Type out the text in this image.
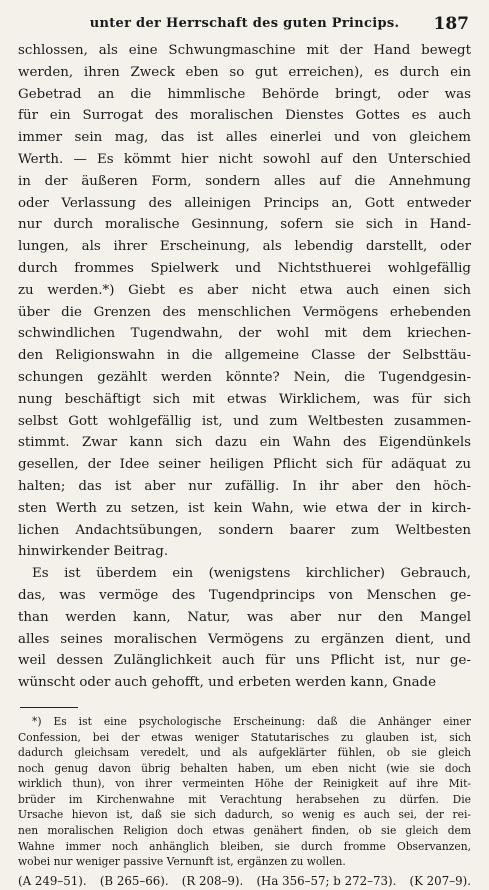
unter der Herrschaft des guten Princips.	187
schlossen, als eine Schwungmaschine mit der Hand bewegt
werden, ihren Zweck eben so gut erreichen), es durch ein
Gebetrad an die himmlische Behörde bringt, oder was
für ein Surrogat des moralischen Dienstes Gottes es auch
immer sein mag, das ist alles einerlei und von gleichem
Werth. — Es kömmt hier nicht sowohl auf den Unterschied
in der äußeren Form, sondern alles auf die Annehmung
oder Verlassung des alleinigen Princips an, Gott entweder
nur durch moralische Gesinnung, sofern sie sich in Hand-
lungen, als ihrer Erscheinung, als lebendig darstellt, oder
durch frommes Spielwerk und Nichtsthuerei wohlgefällig
zu werden.*) Giebt es aber nicht etwa auch einen sich
über die Grenzen des menschlichen Vermögens erhebenden
schwindlichen Tugendwahn, der wohl mit dem kriechen-
den Religionswahn in die allgemeine Classe der Selbsttäu-
schungen gezählt werden könnte? Nein, die Tugendgesin-
nung beschäftigt sich mit etwas Wirklichem, was für sich
selbst Gott wohlgefällig ist, und zum Weltbesten zusammen-
stimmt. Zwar kann sich dazu ein Wahn des Eigendünkels
gesellen, der Idee seiner heiligen Pflicht sich für adäquat zu
halten; das ist aber nur zufällig. In ihr aber den höch-
sten Werth zu setzen, ist kein Wahn, wie etwa der in kirch-
lichen Andachtsübungen, sondern baarer zum Weltbesten
hinwirkender Beitrag.
Es ist überdem ein (wenigstens kirchlicher) Gebrauch,
das, was vermöge des Tugendprincips von Menschen ge-
than werden kann, Natur, was aber nur den Mangel
alles seines moralischen Vermögens zu ergänzen dient, und
weil dessen Zulänglichkeit auch für uns Pflicht ist, nur ge-
wünscht oder auch gehofft, und erbeten werden kann, Gnade
*) Es ist eine psychologische Erscheinung: daß die Anhänger einer
Confession, bei der etwas weniger Statutarisches zu glauben ist, sich
dadurch gleichsam veredelt, und als aufgeklärter fühlen, ob sie gleich
noch genug davon übrig behalten haben, um eben nicht (wie sie doch
wirklich thun), von ihrer vermeinten Höhe der Reinigkeit auf ihre Mit-
brüder im Kirchenwahne mit Verachtung herabsehen zu dürfen. Die
Ursache hievon ist, daß sie sich dadurch, so wenig es auch sei, der rei-
nen moralischen Religion doch etwas genähert finden, ob sie gleich dem
Wahne immer noch anhänglich bleiben, sie durch fromme Observanzen,
wobei nur weniger passive Vernunft ist, ergänzen zu wollen.
(A 249–51). (B 265–66). (R 208–9). (Ha 356–57; b 272–73). (K 207–9).
